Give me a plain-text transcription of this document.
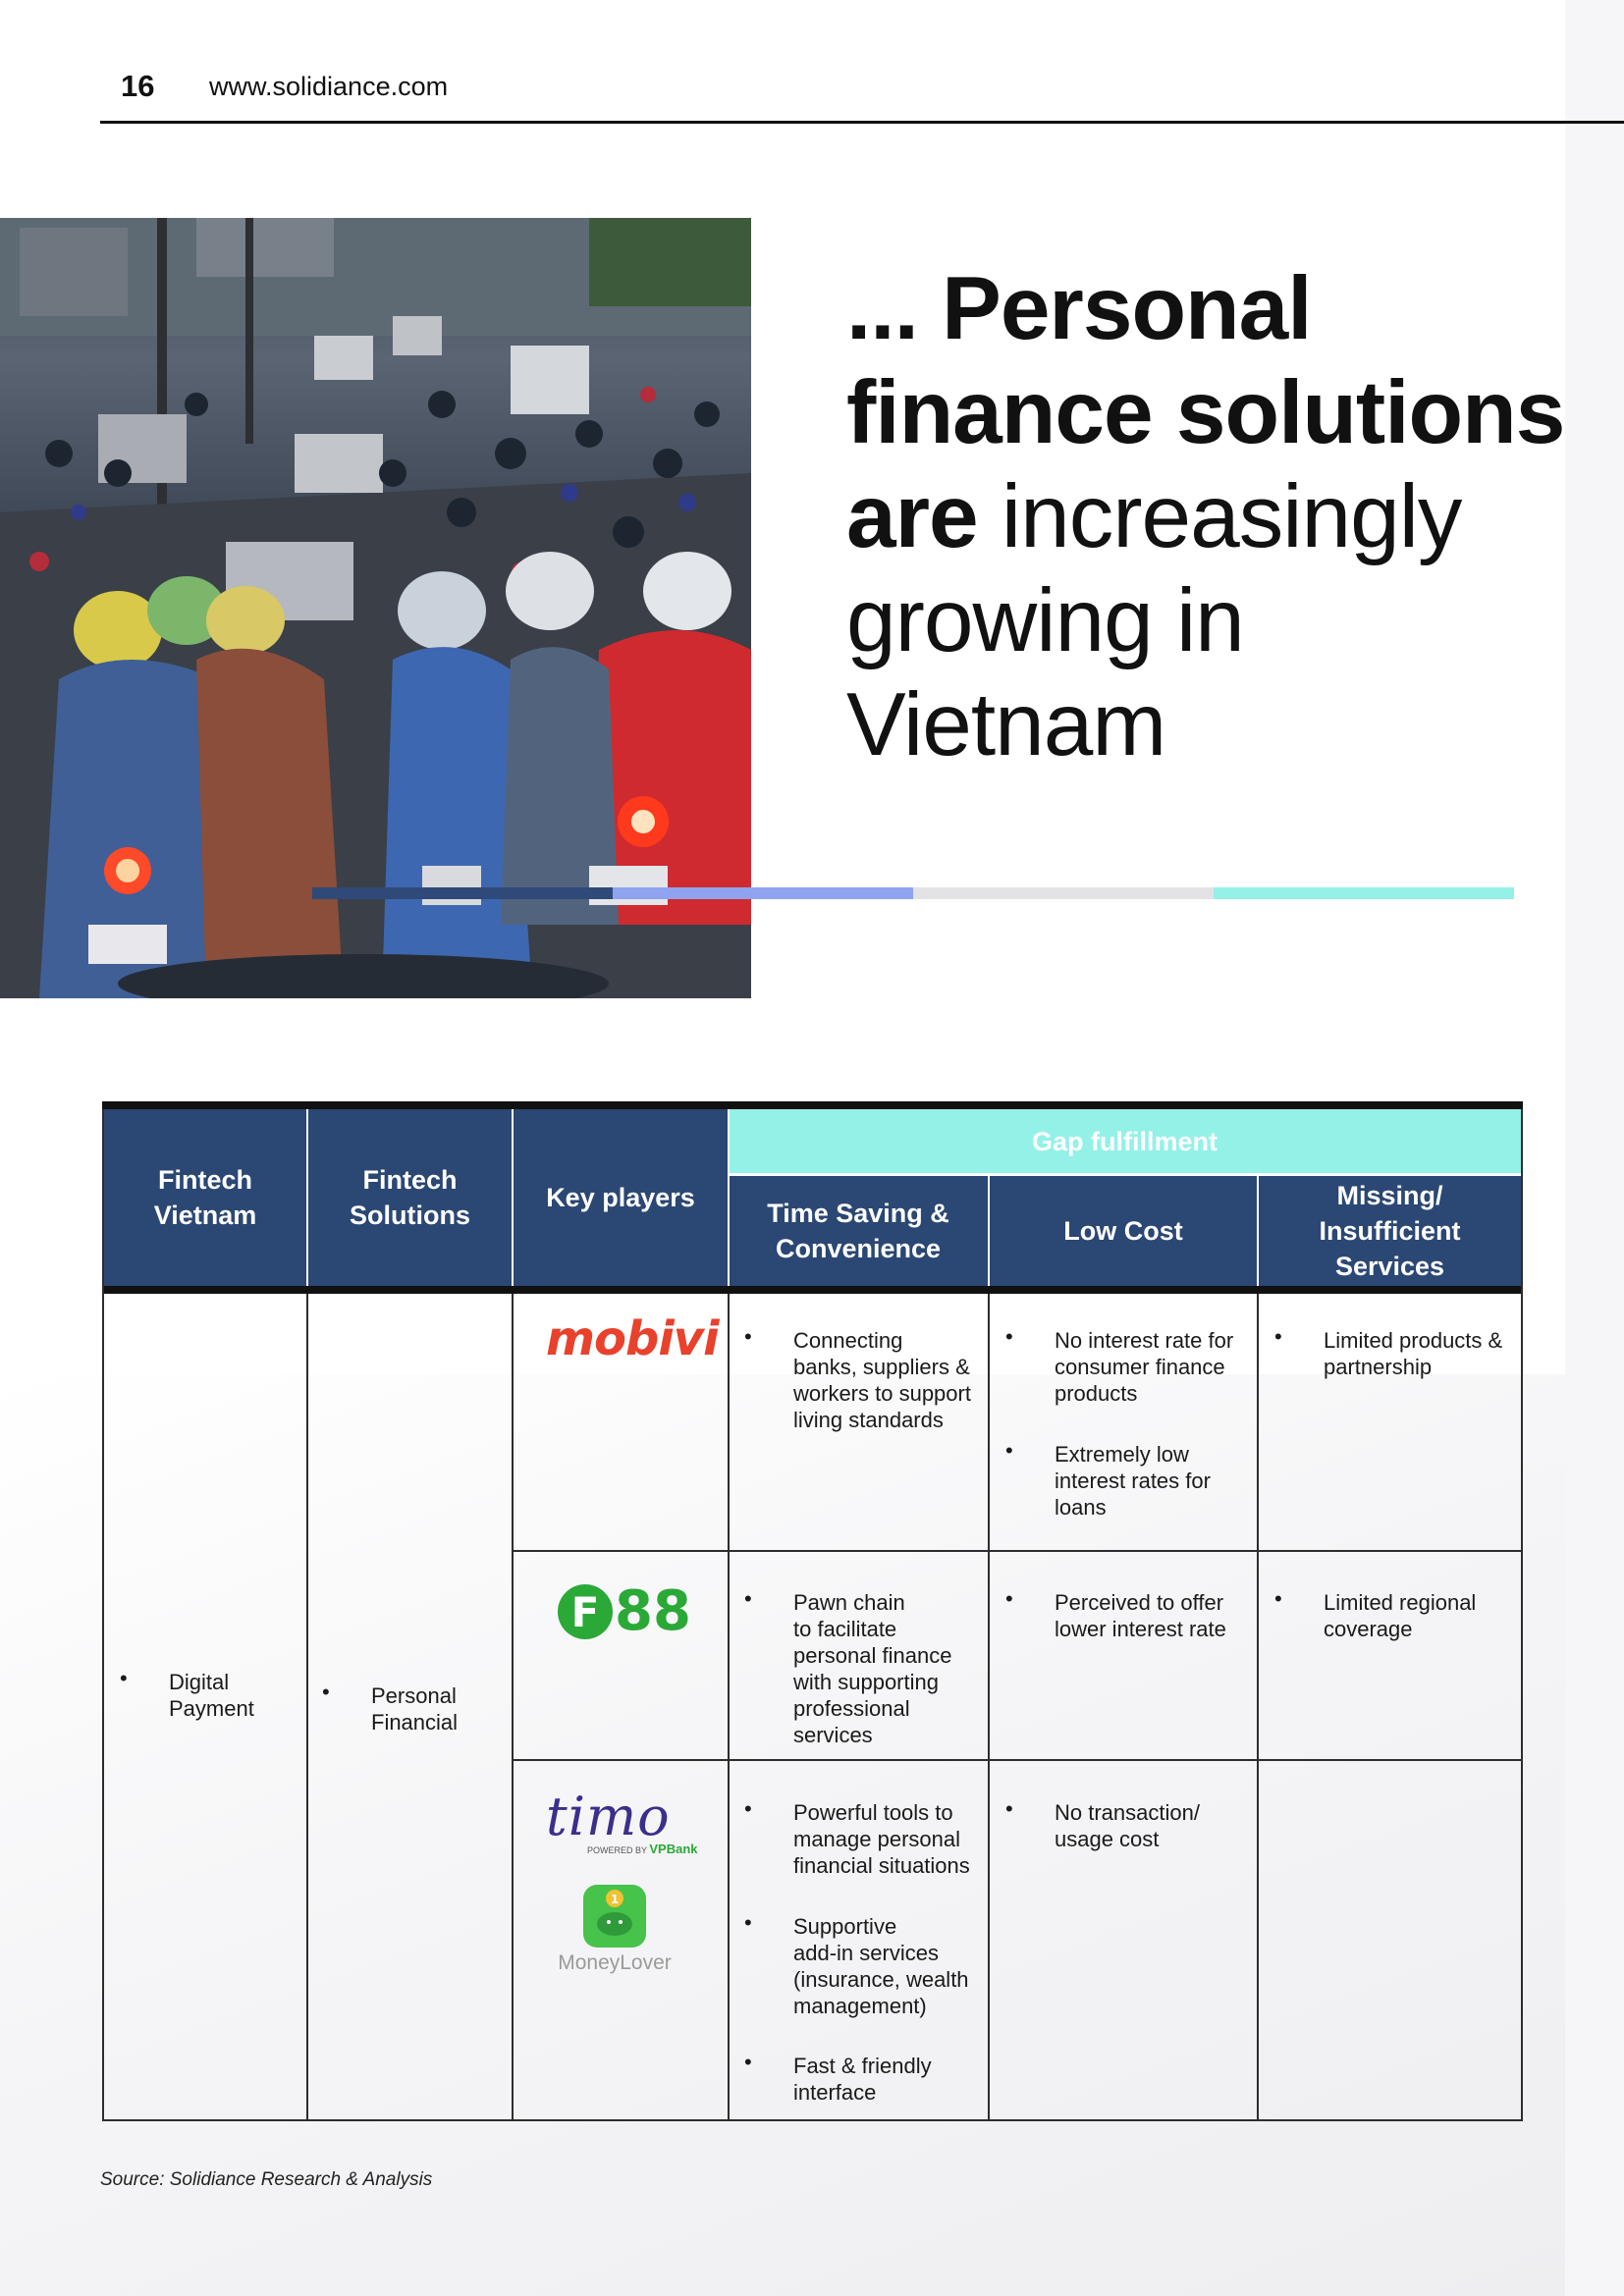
16 www.solidiance.com
... Personal
finance solutions
are increasingly
growing in
Vietnam
Fintech
Vietnam
Fintech
Solutions
Key players
Gap fulfillment
Time Saving &
Convenience
Low Cost
Missing/
Insufficient
Services
• Digital
Payment
• Personal
Financial
mobivi • Connecting
banks, suppliers &
workers to support
living standards
• No interest rate for
consumer finance
products
• Extremely low
interest rates for
loans
• Limited products &
partnership
F 88 • Pawn chain
to facilitate
personal finance
with supporting
professional
services
• Perceived to offer
lower interest rate
• Limited regional
coverage
timo
POWERED BY VPBank
1
MoneyLover
• Powerful tools to
manage personal
financial situations
• Supportive
add-in services
(insurance, wealth
management)
• Fast & friendly
interface
• No transaction/
usage cost
Source: Solidiance Research & Analysis
